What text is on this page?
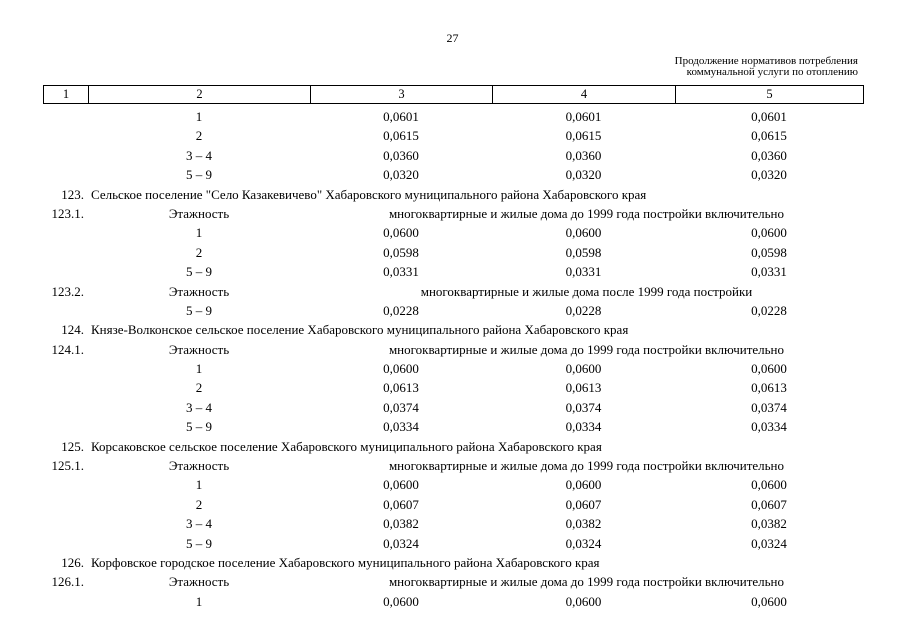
27
Продолжение нормативов потребления
коммунальной услуги по отоплению
1	2	3	4	5
1	0,0601	0,0601	0,0601
2	0,0615	0,0615	0,0615
3 – 4	0,0360	0,0360	0,0360
5 – 9	0,0320	0,0320	0,0320
123. Сельское поселение "Село Казакевичево" Хабаровского муниципального района Хабаровского края
123.1.	Этажность	многоквартирные и жилые дома до 1999 года постройки включительно
1	0,0600	0,0600	0,0600
2	0,0598	0,0598	0,0598
5 – 9	0,0331	0,0331	0,0331
123.2.	Этажность	многоквартирные и жилые дома после 1999 года постройки
5 – 9	0,0228	0,0228	0,0228
124. Князе-Волконское сельское поселение Хабаровского муниципального района Хабаровского края
124.1.	Этажность	многоквартирные и жилые дома до 1999 года постройки включительно
1	0,0600	0,0600	0,0600
2	0,0613	0,0613	0,0613
3 – 4	0,0374	0,0374	0,0374
5 – 9	0,0334	0,0334	0,0334
125. Корсаковское сельское поселение Хабаровского муниципального района Хабаровского края
125.1.	Этажность	многоквартирные и жилые дома до 1999 года постройки включительно
1	0,0600	0,0600	0,0600
2	0,0607	0,0607	0,0607
3 – 4	0,0382	0,0382	0,0382
5 – 9	0,0324	0,0324	0,0324
126. Корфовское городское поселение Хабаровского муниципального района Хабаровского края
126.1.	Этажность	многоквартирные и жилые дома до 1999 года постройки включительно
1	0,0600	0,0600	0,0600
